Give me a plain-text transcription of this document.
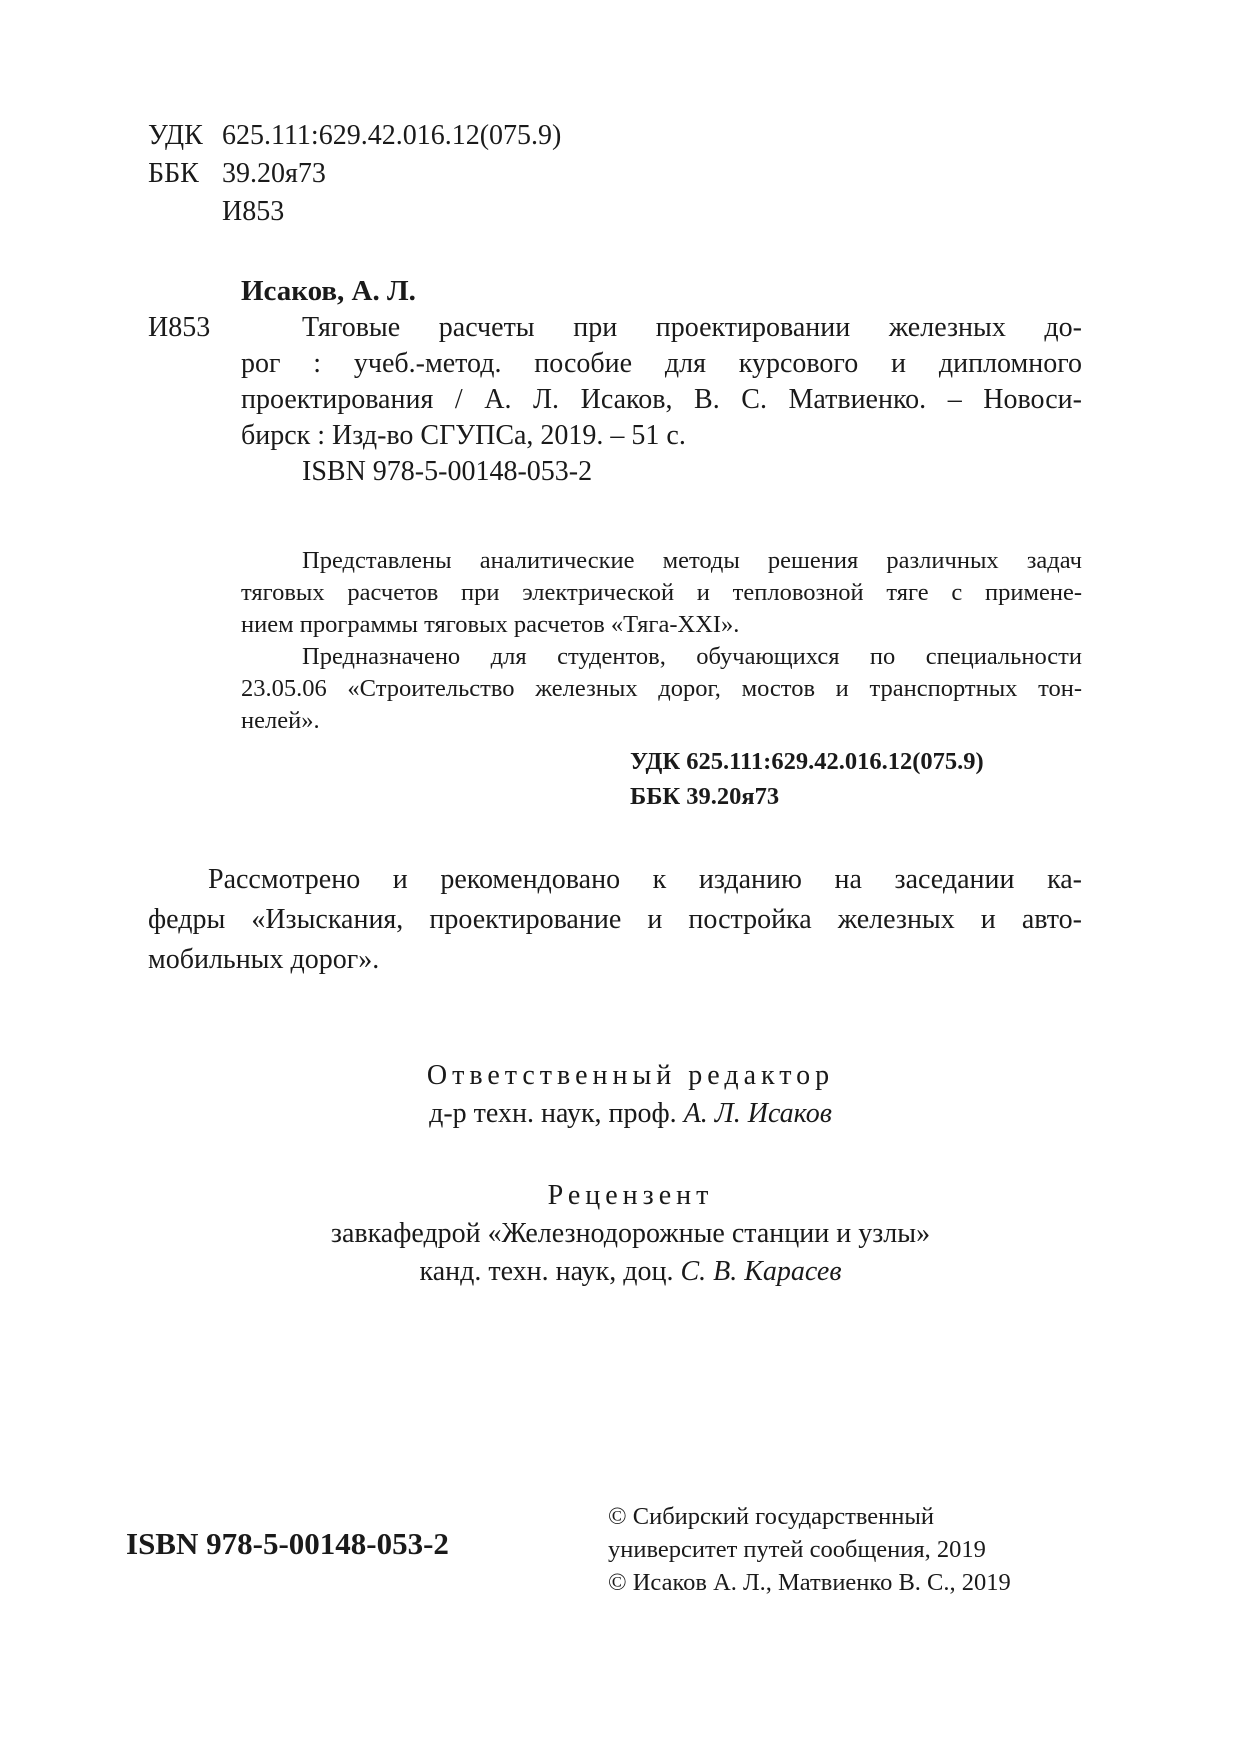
УДК 625.111:629.42.016.12(075.9)
ББК 39.20я73
И853
Исаков, А. Л.
И853	Тяговые расчеты при проектировании железных до-
рог : учеб.-метод. пособие для курсового и дипломного
проектирования / А. Л. Исаков, В. С. Матвиенко. – Новоси-
бирск : Изд-во СГУПСа, 2019. – 51 с.
ISBN 978-5-00148-053-2
Представлены аналитические методы решения различных задач
тяговых расчетов при электрической и тепловозной тяге с примене-
нием программы тяговых расчетов «Тяга-XXI».
Предназначено для студентов, обучающихся по специальности
23.05.06 «Строительство железных дорог, мостов и транспортных тон-
нелей».
УДК 625.111:629.42.016.12(075.9)
ББК 39.20я73
Рассмотрено и рекомендовано к изданию на заседании ка-
федры «Изыскания, проектирование и постройка железных и авто-
мобильных дорог».
Ответственный редактор
д-р техн. наук, проф. А. Л. Исаков
Рецензент
завкафедрой «Железнодорожные станции и узлы»
канд. техн. наук, доц. С. В. Карасев
ISBN 978-5-00148-053-2
© Сибирский государственный
университет путей сообщения, 2019
© Исаков А. Л., Матвиенко В. С., 2019
